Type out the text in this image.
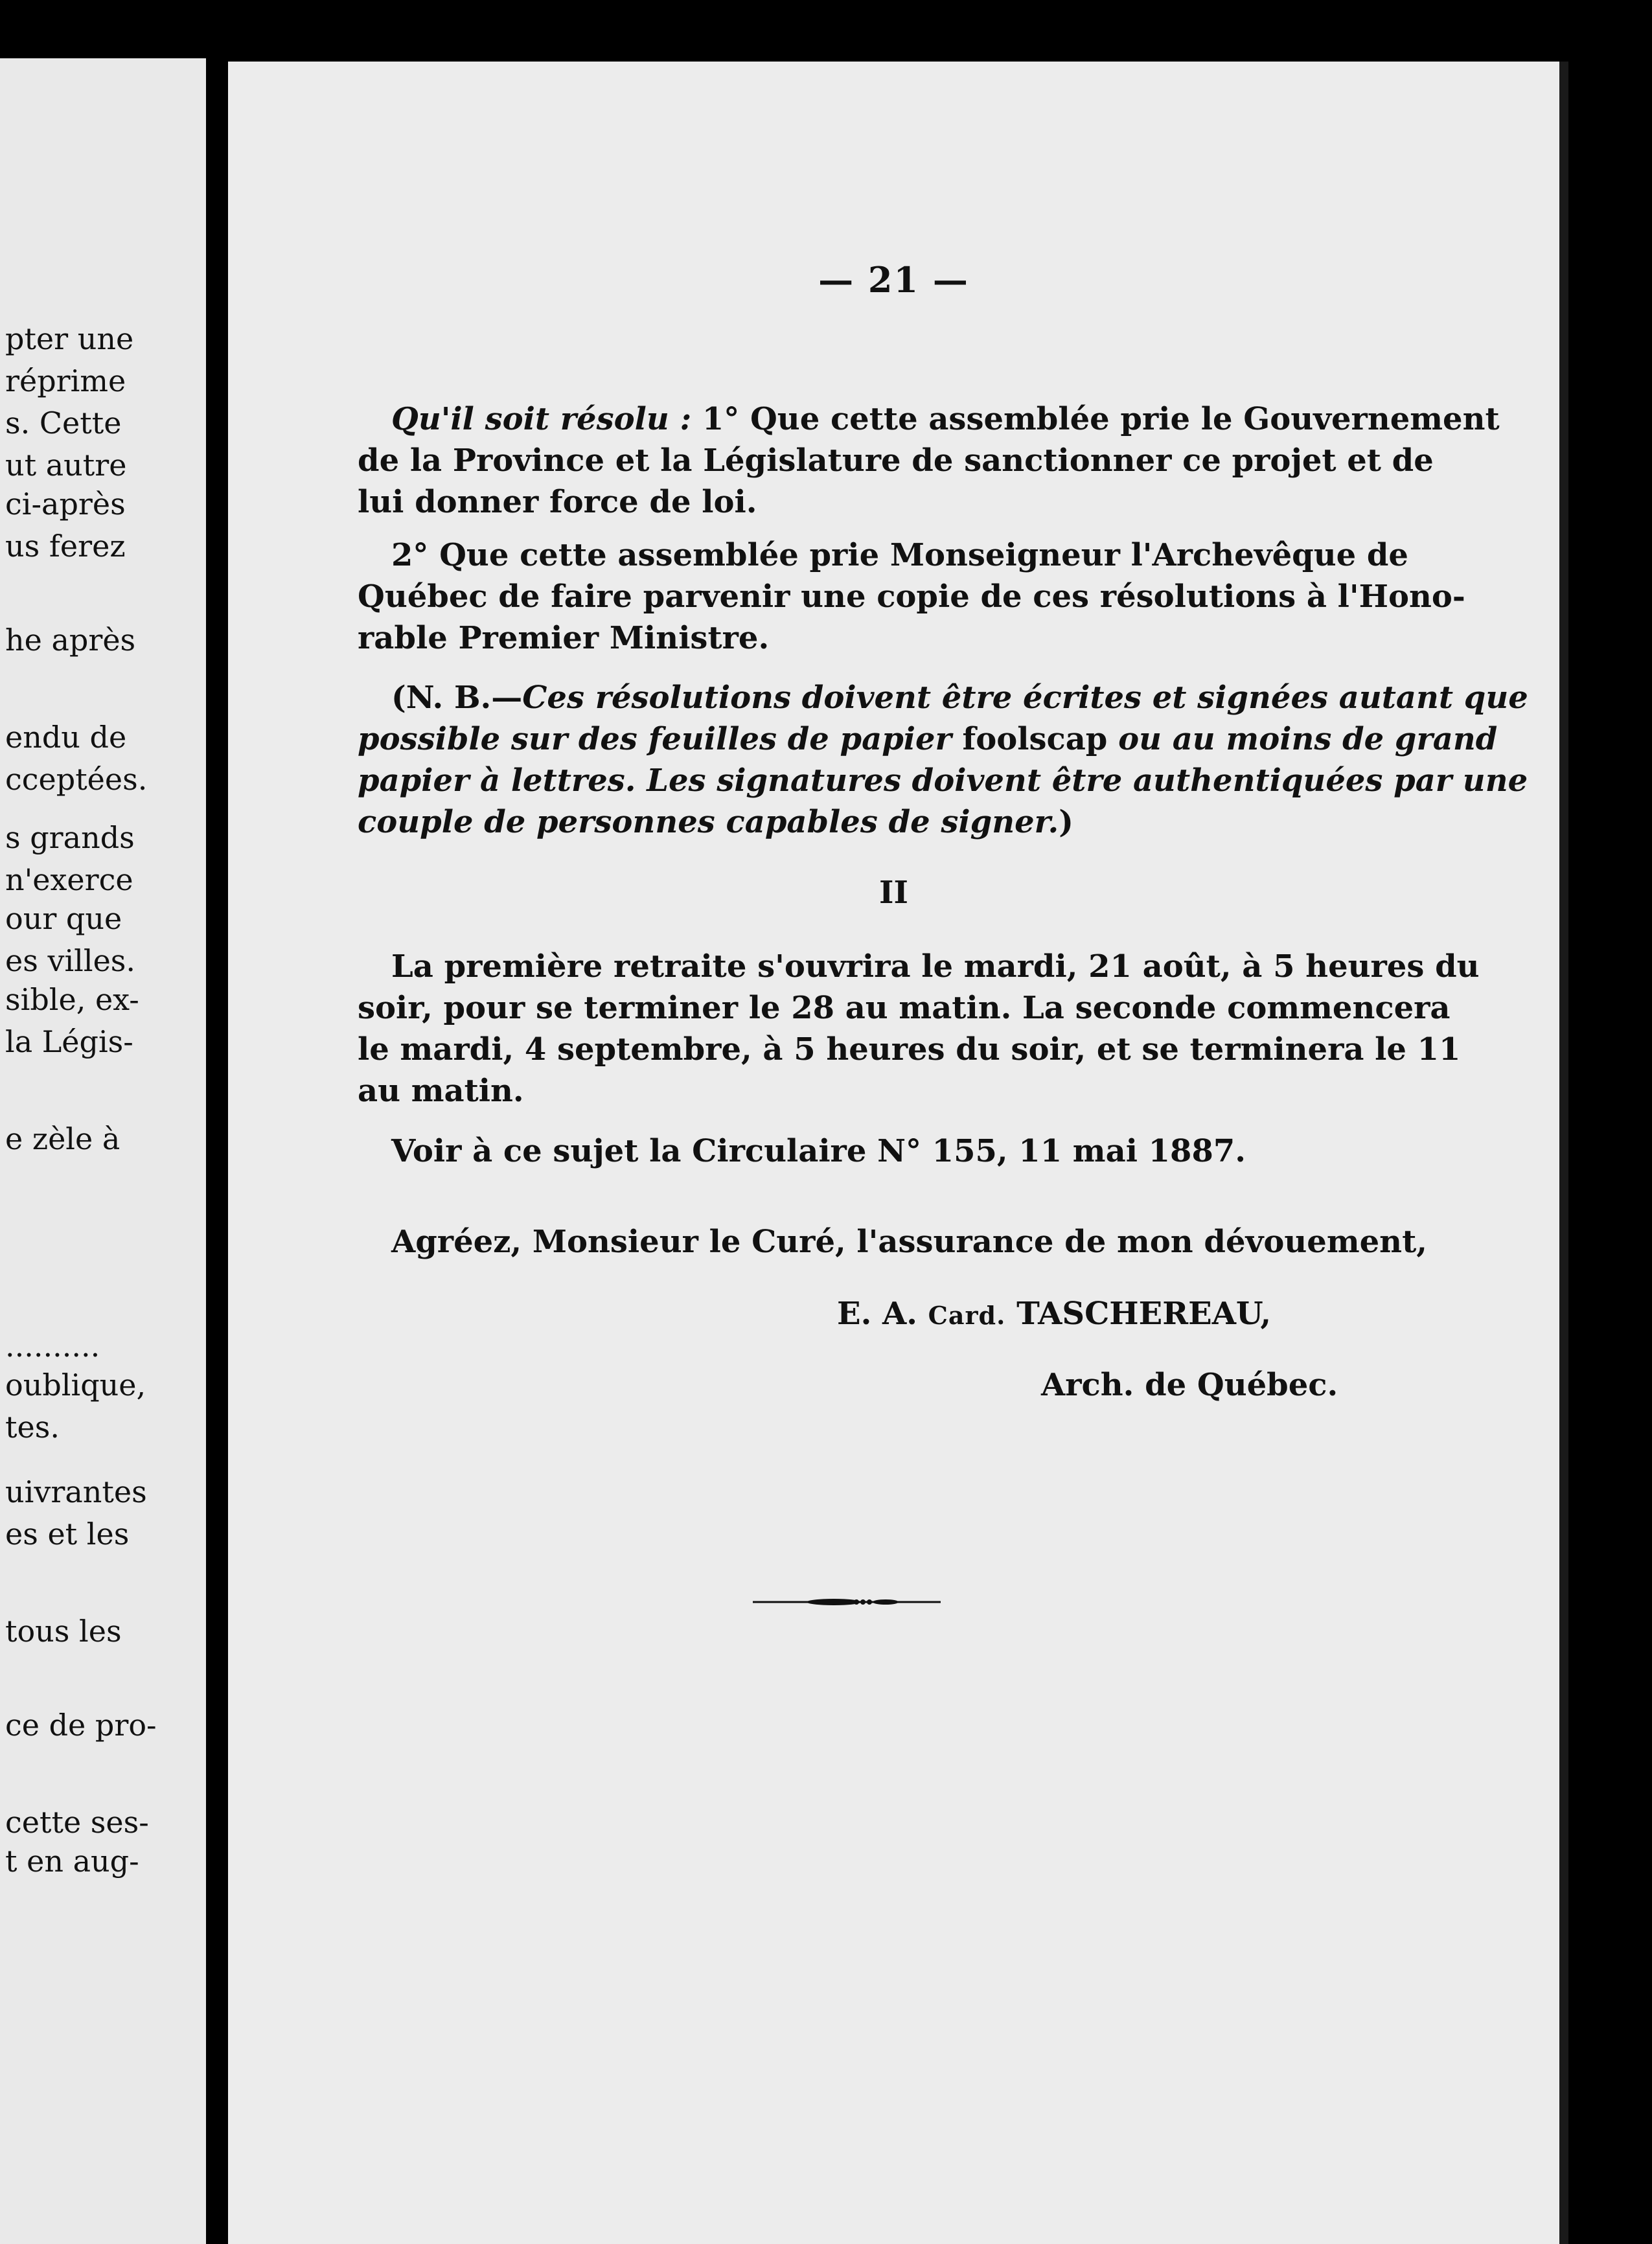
pter une
réprime
s. Cette
ut autre
ci-après
us ferez
he après
endu de
cceptées.
s grands
n'exerce
our que
es villes.
sible, ex-
la Légis-
e zèle à
..........
oublique,
tes.
uivrantes
es et les
tous les
ce de pro-
cette ses-
t en aug-
— 21 —
Qu'il soit résolu : 1° Que cette assemblée prie le Gouvernement
de la Province et la Législature de sanctionner ce projet et de
lui donner force de loi.
2° Que cette assemblée prie Monseigneur l'Archevêque de
Québec de faire parvenir une copie de ces résolutions à l'Hono-
rable Premier Ministre.
(N. B.—Ces résolutions doivent être écrites et signées autant que
possible sur des feuilles de papier foolscap ou au moins de grand
papier à lettres. Les signatures doivent être authentiquées par une
couple de personnes capables de signer.)
II
La première retraite s'ouvrira le mardi, 21 août, à 5 heures du
soir, pour se terminer le 28 au matin. La seconde commencera
le mardi, 4 septembre, à 5 heures du soir, et se terminera le 11
au matin.
Voir à ce sujet la Circulaire N° 155, 11 mai 1887.
Agréez, Monsieur le Curé, l'assurance de mon dévouement,
E. A. Card. TASCHEREAU,
Arch. de Québec.
